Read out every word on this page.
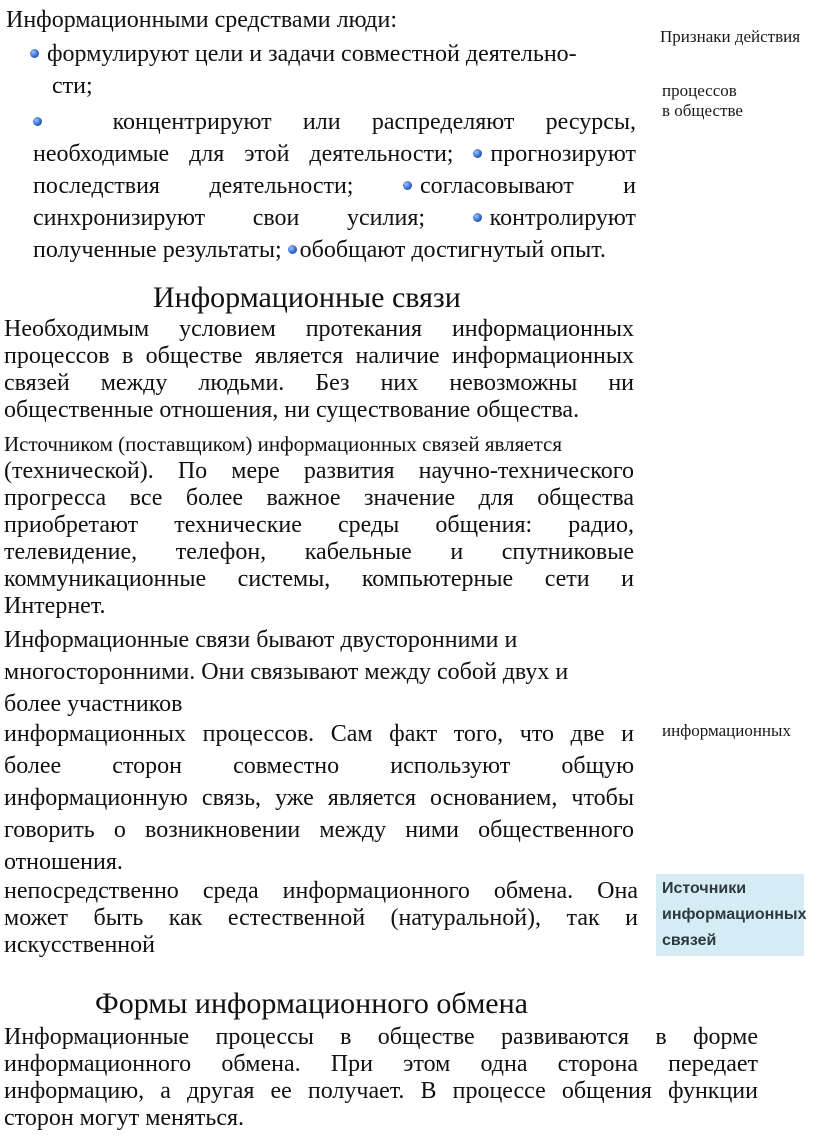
Информационными средствами люди:
формулируют цели и задачи совместной деятельно-
сти;
концентрируют или распределяют ресурсы,
необходимые для этой деятельности; прогнозируют
последствия деятельности;	согласовывают и
синхронизируют свои усилия;	контролируют
полученные результаты; обобщают достигнутый опыт.
Признаки действия
процессов
в обществе
информационных
Источники
информационных
связей
Информационные связи
Необходимым условием протекания информационных
процессов в обществе является наличие информационных
связей между людьми. Без них невозможны ни
общественные отношения, ни существование общества.
Источником (поставщиком) информационных связей является
(технической). По мере развития научно-технического
прогресса все более важное значение для общества
приобретают технические среды общения: радио,
телевидение, телефон, кабельные и спутниковые
коммуникационные системы, компьютерные сети и
Интернет.
Информационные связи бывают двусторонними и
многосторонними. Они связывают между собой двух и
более участников
информационных процессов. Сам факт того, что две и
более сторон совместно используют общую
информационную связь, уже является основанием, чтобы
говорить о возникновении между ними общественного
отношения.
непосредственно среда информационного обмена. Она
может быть как естественной (натуральной), так и
искусственной
Формы информационного обмена
Информационные процессы в обществе развиваются в форме
информационного обмена. При этом одна сторона передает
информацию, а другая ее получает. В процессе общения функции
сторон могут меняться.
